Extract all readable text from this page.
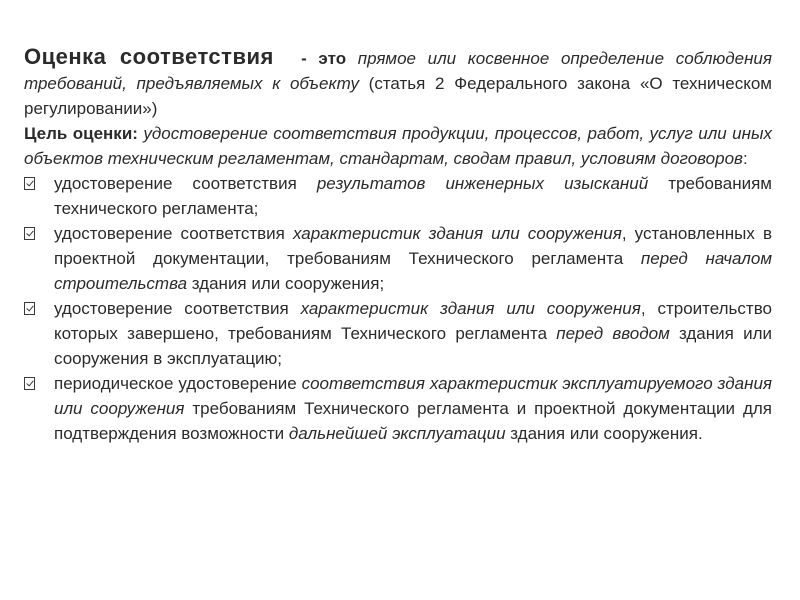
Оценка соответствия - это прямое или косвенное определение соблюдения требований, предъявляемых к объекту (статья 2 Федерального закона «О техническом регулировании»)

Цель оценки: удостоверение соответствия продукции, процессов, работ, услуг или иных объектов техническим регламентам, стандартам, сводам правил, условиям договоров:

удостоверение соответствия результатов инженерных изысканий требованиям технического регламента;
удостоверение соответствия характеристик здания или сооружения, установленных в проектной документации, требованиям Технического регламента перед началом строительства здания или сооружения;
удостоверение соответствия характеристик здания или сооружения, строительство которых завершено, требованиям Технического регламента перед вводом здания или сооружения в эксплуатацию;
периодическое удостоверение соответствия характеристик эксплуатируемого здания или сооружения требованиям Технического регламента и проектной документации для подтверждения возможности дальнейшей эксплуатации здания или сооружения.
